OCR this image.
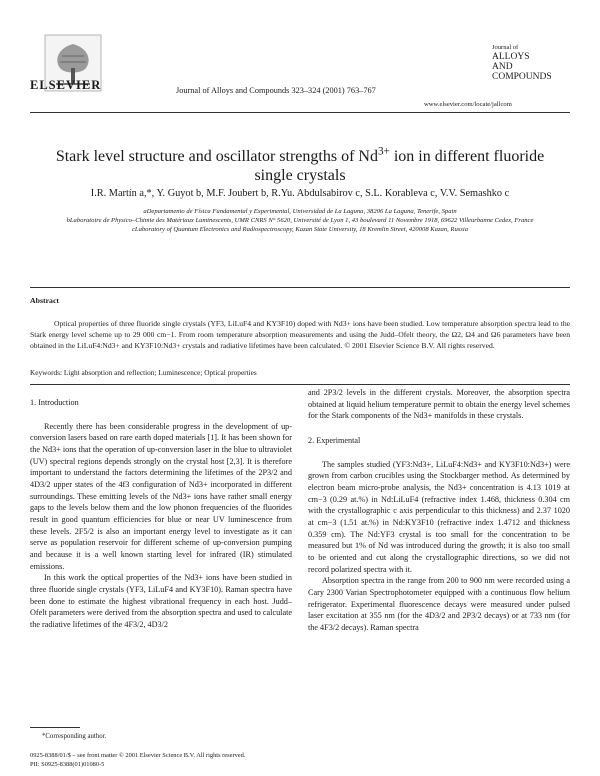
ELSEVIER	Journal of Alloys and Compounds 323–324 (2001) 763–767
Journal of
ALLOYS
AND COMPOUNDS
www.elsevier.com/locate/jallcom
Stark level structure and oscillator strengths of $Nd^{3+}$ ion in different fluoride single crystals
I.R. Martín a,*, Y. Guyot b, M.F. Joubert b, R.Yu. Abdulsabirov c, S.L. Korableva c, V.V. Semashko c
aDepartamento de Física Fundamental y Experimental, Universidad de La Laguna, 38206 La Laguna, Tenerife, Spain
bLaboratoire de Physico–Chimie des Matériaux Luminescents, UMR CNRS N° 5620, Université de Lyon 1, 43 boulevard 11 Novembre 1918, 69622 Villeurbanne Cedex, France
cLaboratory of Quantum Electronics and Radiospectroscopy, Kazan State University, 18 Kremlin Street, 420008 Kazan, Russia
Abstract
Optical properties of three fluoride single crystals (YF3, LiLuF4 and KY3F10) doped with Nd3+ ions have been studied. Low temperature absorption spectra lead to the Stark energy level scheme up to 29 000 cm−1. From room temperature absorption measurements and using the Judd–Ofelt theory, the Ω2, Ω4 and Ω6 parameters have been obtained in the LiLuF4:Nd3+ and KY3F10:Nd3+ crystals and radiative lifetimes have been calculated. © 2001 Elsevier Science B.V. All rights reserved.
Keywords: Light absorption and reflection; Luminescence; Optical properties
1. Introduction

Recently there has been considerable progress in the development of up-conversion lasers based on rare earth doped materials [1]. It has been shown for the Nd3+ ions that the operation of up-conversion laser in the blue to ultraviolet (UV) spectral regions depends strongly on the crystal host [2,3]. It is therefore important to understand the factors determining the lifetimes of the 2P3/2 and 4D3/2 upper states of the 4f3 configuration of Nd3+ incorporated in different surroundings. These emitting levels of the Nd3+ ions have rather small energy gaps to the levels below them and the low phonon frequencies of the fluorides result in good quantum efficiencies for blue or near UV luminescence from these levels. 2F5/2 is also an important energy level to investigate as it can serve as population reservoir for different scheme of up-conversion pumping and because it is a well known starting level for infrared (IR) stimulated emissions.

In this work the optical properties of the Nd3+ ions have been studied in three fluoride single crystals (YF3, LiLuF4 and KY3F10). Raman spectra have been done to estimate the highest vibrational frequency in each host. Judd–Ofelt parameters were derived from the absorption spectra and used to calculate the radiative lifetimes of the 4F3/2, 4D3/2

and 2P3/2 levels in the different crystals. Moreover, the absorption spectra obtained at liquid helium temperature permit to obtain the energy level schemes for the Stark components of the Nd3+ manifolds in these crystals.

2. Experimental

The samples studied (YF3:Nd3+, LiLuF4:Nd3+ and KY3F10:Nd3+) were grown from carbon crucibles using the Stockbarger method. As determined by electron beam micro-probe analysis, the Nd3+ concentration is 4.13 1019 at cm−3 (0.29 at.%) in Nd:LiLuF4 (refractive index 1.468, thickness 0.304 cm with the crystallographic c axis perpendicular to this thickness) and 2.37 1020 at cm−3 (1.51 at.%) in Nd:KY3F10 (refractive index 1.4712 and thickness 0.359 cm). The Nd:YF3 crystal is too small for the concentration to be measured but 1% of Nd was introduced during the growth; it is also too small to be oriented and cut along the crystallographic directions, so we did not record polarized spectra with it.

Absorption spectra in the range from 200 to 900 nm were recorded using a Cary 2300 Varian Spectrophotometer equipped with a continuous flow helium refrigerator. Experimental fluorescence decays were measured under pulsed laser excitation at 355 nm (for the 4D3/2 and 2P3/2 decays) or at 733 nm (for the 4F3/2 decays). Raman spectra

*Corresponding author.
0925-8388/01/$ – see front matter © 2001 Elsevier Science B.V. All rights reserved.
PII: S0925-8388(01)01080-5
